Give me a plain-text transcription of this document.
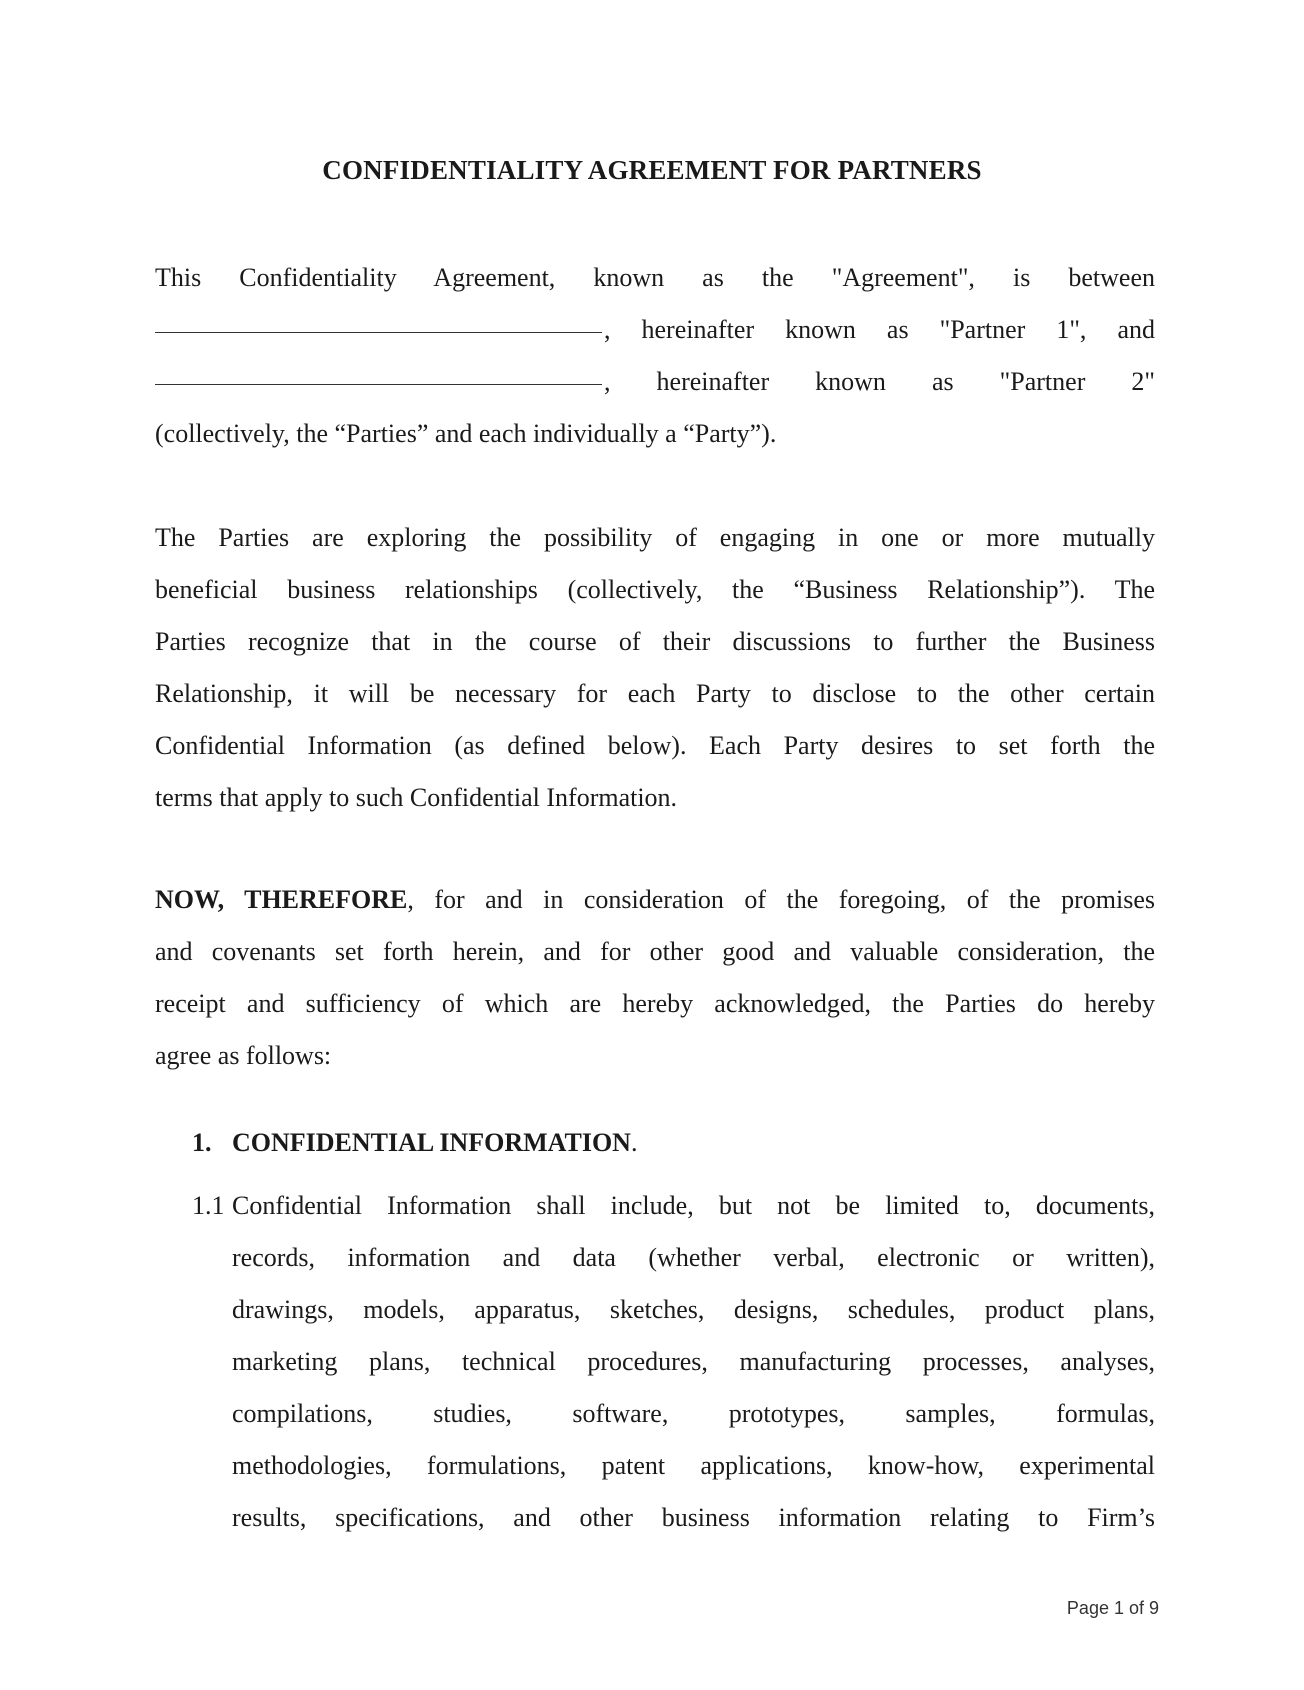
CONFIDENTIALITY AGREEMENT FOR PARTNERS
This Confidentiality Agreement, known as the "Agreement", is between
, hereinafter known as "Partner 1", and
, hereinafter known as "Partner 2"
(collectively, the “Parties” and each individually a “Party”).
The Parties are exploring the possibility of engaging in one or more mutually
beneficial business relationships (collectively, the “Business Relationship”). The
Parties recognize that in the course of their discussions to further the Business
Relationship, it will be necessary for each Party to disclose to the other certain
Confidential Information (as defined below). Each Party desires to set forth the
terms that apply to such Confidential Information.
NOW, THEREFORE, for and in consideration of the foregoing, of the promises
and covenants set forth herein, and for other good and valuable consideration, the
receipt and sufficiency of which are hereby acknowledged, the Parties do hereby
agree as follows:
1. CONFIDENTIAL INFORMATION.
1.1 Confidential Information shall include, but not be limited to, documents,
records, information and data (whether verbal, electronic or written),
drawings, models, apparatus, sketches, designs, schedules, product plans,
marketing plans, technical procedures, manufacturing processes, analyses,
compilations, studies, software, prototypes, samples, formulas,
methodologies, formulations, patent applications, know-how, experimental
results, specifications, and other business information relating to Firm’s
Page 1 of 9
